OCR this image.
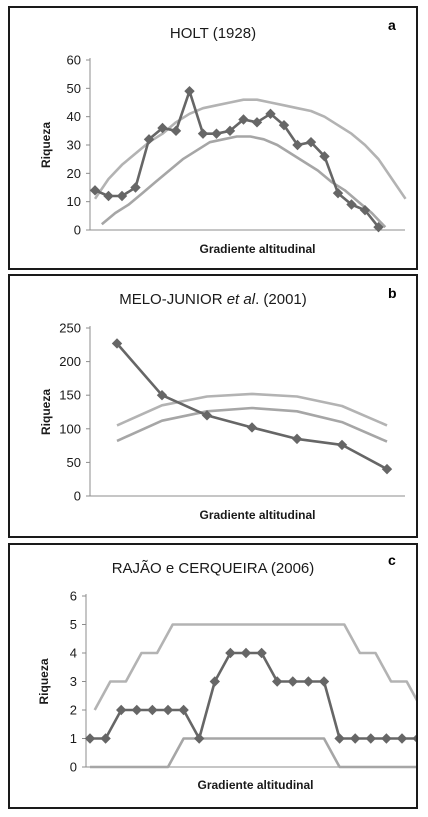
HOLT (1928)	a
0
10
20
30
40
50
60
Riqueza
Gradiente altitudinal
MELO-JUNIOR et al. (2001)	b
0
50
100
150
200
250
Riqueza
Gradiente altitudinal
RAJÃO e CERQUEIRA (2006)	c
0
1
2
3
4
5
6
Riqueza
Gradiente altitudinal
